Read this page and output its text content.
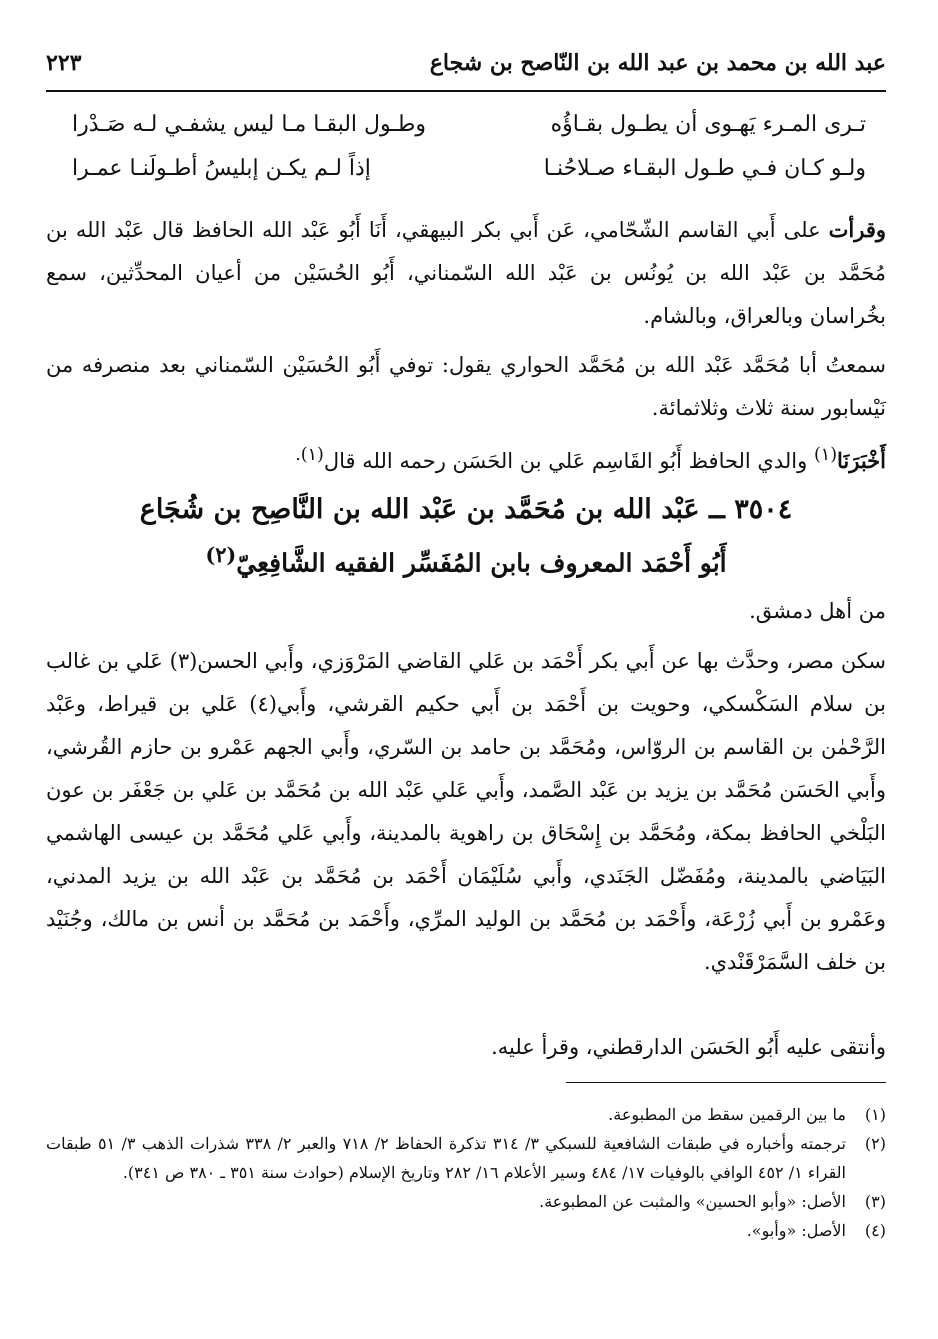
عبد الله بن محمد بن عبد الله بن النّاصح بن شجاع
٢٢٣
تـرى المـرء يَهـوى أن يطـول بقـاؤُه
وطـول البقـا مـا ليس يشفـي لـه صَـدْرا
ولـو كـان فـي طـول البقـاء صـلاحُنـا
إذاً لـم يكـن إبليسُ أطـولَنـا عمـرا

وقرأت على أَبي القاسم الشّحّامي، عَن أَبي بكر البيهقي، أَنَا أَبُو عَبْد الله الحافظ قال عَبْد الله بن مُحَمَّد بن عَبْد الله بن يُونُس بن عَبْد الله السّمناني، أَبُو الحُسَيْن من أعيان المحدِّثين، سمع بخُراسان وبالعراق، وبالشام.

سمعتُ أبا مُحَمَّد عَبْد الله بن مُحَمَّد الحواري يقول: توفي أَبُو الحُسَيْن السّمناني بعد منصرفه من نَيْسابور سنة ثلاث وثلاثمائة.

أَخْبَرَنَا$^{(١)}$ والدي الحافظ أَبُو القَاسِم عَلي بن الحَسَن رحمه الله قال$^{(١).}$

٣٥٠٤ ــ عَبْد الله بن مُحَمَّد بن عَبْد الله بن النَّاصِح بن شُجَاع
أَبُو أَحْمَد المعروف بابن المُفَسِّر الفقيه الشَّافِعِيّ$^{(٢)}$

من أهل دمشق.

سكن مصر، وحدَّث بها عن أَبي بكر أَحْمَد بن عَلي القاضي المَرْوَزي، وأَبي الحسن(٣) عَلي بن غالب بن سلام السَكْسكي، وحويت بن أَحْمَد بن أَبي حكيم القرشي، وأَبي(٤) عَلي بن قيراط، وعَبْد الرَّحْمٰن بن القاسم بن الروّاس، ومُحَمَّد بن حامد بن السّري، وأَبي الجهم عَمْرو بن حازم القُرشي، وأَبي الحَسَن مُحَمَّد بن يزيد بن عَبْد الصَّمد، وأَبي عَلي عَبْد الله بن مُحَمَّد بن عَلي بن جَعْفَر بن عون البَلْخي الحافظ بمكة، ومُحَمَّد بن إِسْحَاق بن راهوية بالمدينة، وأَبي عَلي مُحَمَّد بن عيسى الهاشمي البَيَاضي بالمدينة، ومُفَضّل الجَنَدي، وأَبي سُلَيْمَان أَحْمَد بن مُحَمَّد بن عَبْد الله بن يزيد المدني، وعَمْرو بن أَبي زُرْعَة، وأَحْمَد بن مُحَمَّد بن الوليد المرِّي، وأَحْمَد بن مُحَمَّد بن أنس بن مالك، وجُنَيْد بن خلف السَّمَرْقَنْدي.

وأنتقى عليه أَبُو الحَسَن الدارقطني، وقرأ عليه.

(١)
ما بين الرقمين سقط من المطبوعة.
(٢)
ترجمته وأخباره في طبقات الشافعية للسبكي ٣/ ٣١٤ تذكرة الحفاظ ٢/ ٧١٨ والعبر ٢/ ٣٣٨ شذرات الذهب ٣/ ٥١ طبقات القراء ١/ ٤٥٢ الوافي بالوفيات ١٧/ ٤٨٤ وسير الأعلام ١٦/ ٢٨٢ وتاريخ الإسلام (حوادث سنة ٣٥١ ـ ٣٨٠ ص ٣٤١).
(٣)
الأصل: «وأبو الحسين» والمثبت عن المطبوعة.
(٤)
الأصل: «وأبو».
